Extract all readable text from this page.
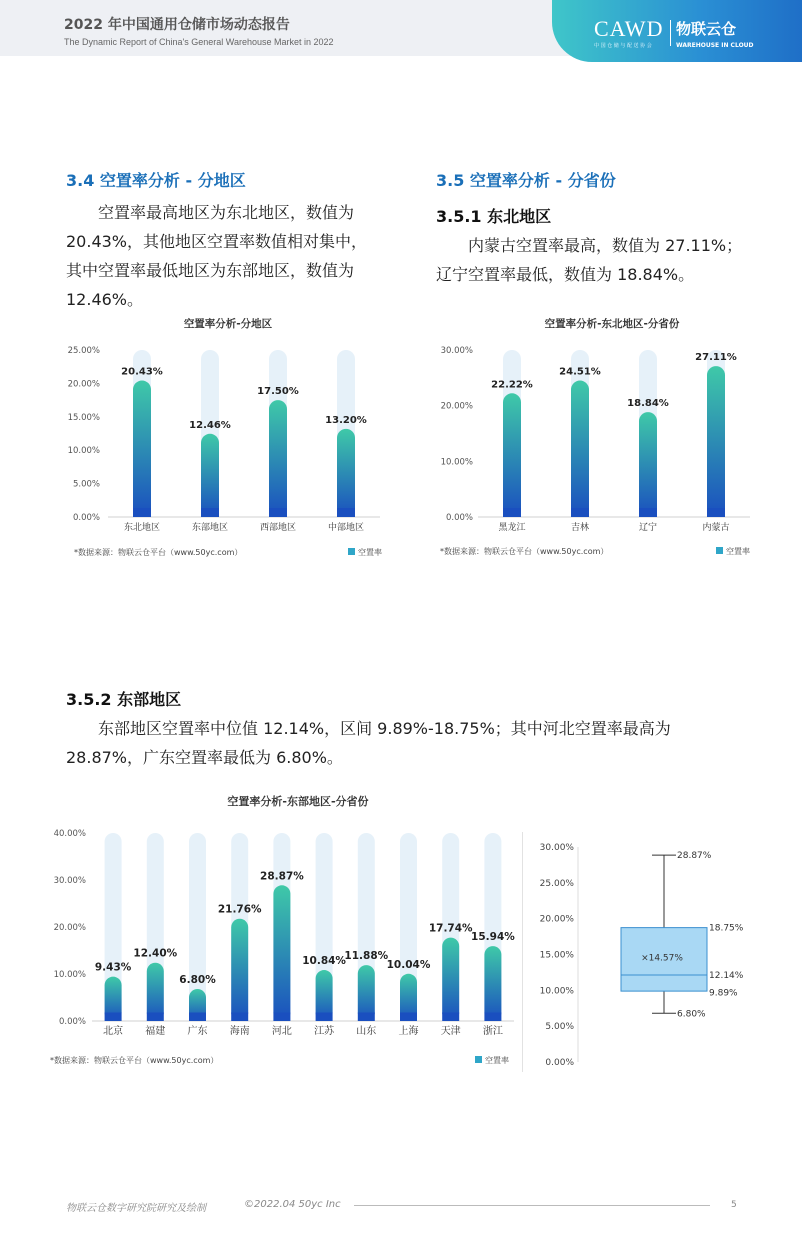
2022 年中国通用仓储市场动态报告
The Dynamic Report of China's General Warehouse Market in 2022
CAWD
中 国 仓 储 与 配 送 协 会
物联云仓
WAREHOUSE IN CLOUD
3.4 空置率分析 - 分地区
空置率最高地区为东北地区，数值为
20.43%，其他地区空置率数值相对集中，
其中空置率最低地区为东部地区，数值为
12.46%。
3.5 空置率分析 - 分省份
3.5.1 东北地区
内蒙古空置率最高，数值为 27.11%；
辽宁空置率最低，数值为 18.84%。
空置率分析-分地区
0.00%
5.00%
10.00%
15.00%
20.00%
25.00%
20.43%
东北地区
12.46%
东部地区
17.50%
西部地区
13.20%
中部地区
*数据来源：物联云仓平台（www.50yc.com）	空置率
空置率分析-东北地区-分省份
0.00%
10.00%
20.00%
30.00%
22.22%
黑龙江
24.51%
吉林
18.84%
辽宁
27.11%
内蒙古
*数据来源：物联云仓平台（www.50yc.com）	空置率
3.5.2 东部地区
东部地区空置率中位值 12.14%，区间 9.89%-18.75%；其中河北空置率最高为
28.87%，广东空置率最低为 6.80%。
空置率分析-东部地区-分省份
0.00%
10.00%
20.00%
30.00%
40.00%
9.43%
北京
12.40%
福建
6.80%
广东
21.76%
海南
28.87%
河北
10.84%
江苏
11.88%
山东
10.04%
上海
17.74%
天津
15.94%
浙江
*数据来源：物联云仓平台（www.50yc.com）	空置率	0.00%
5.00%
10.00%
15.00%
20.00%
25.00%
30.00%
28.87%
18.75%
12.14%
×14.57%
9.89%
6.80%
物联云仓数字研究院研究及绘制	©2022.04 50yc Inc	5
